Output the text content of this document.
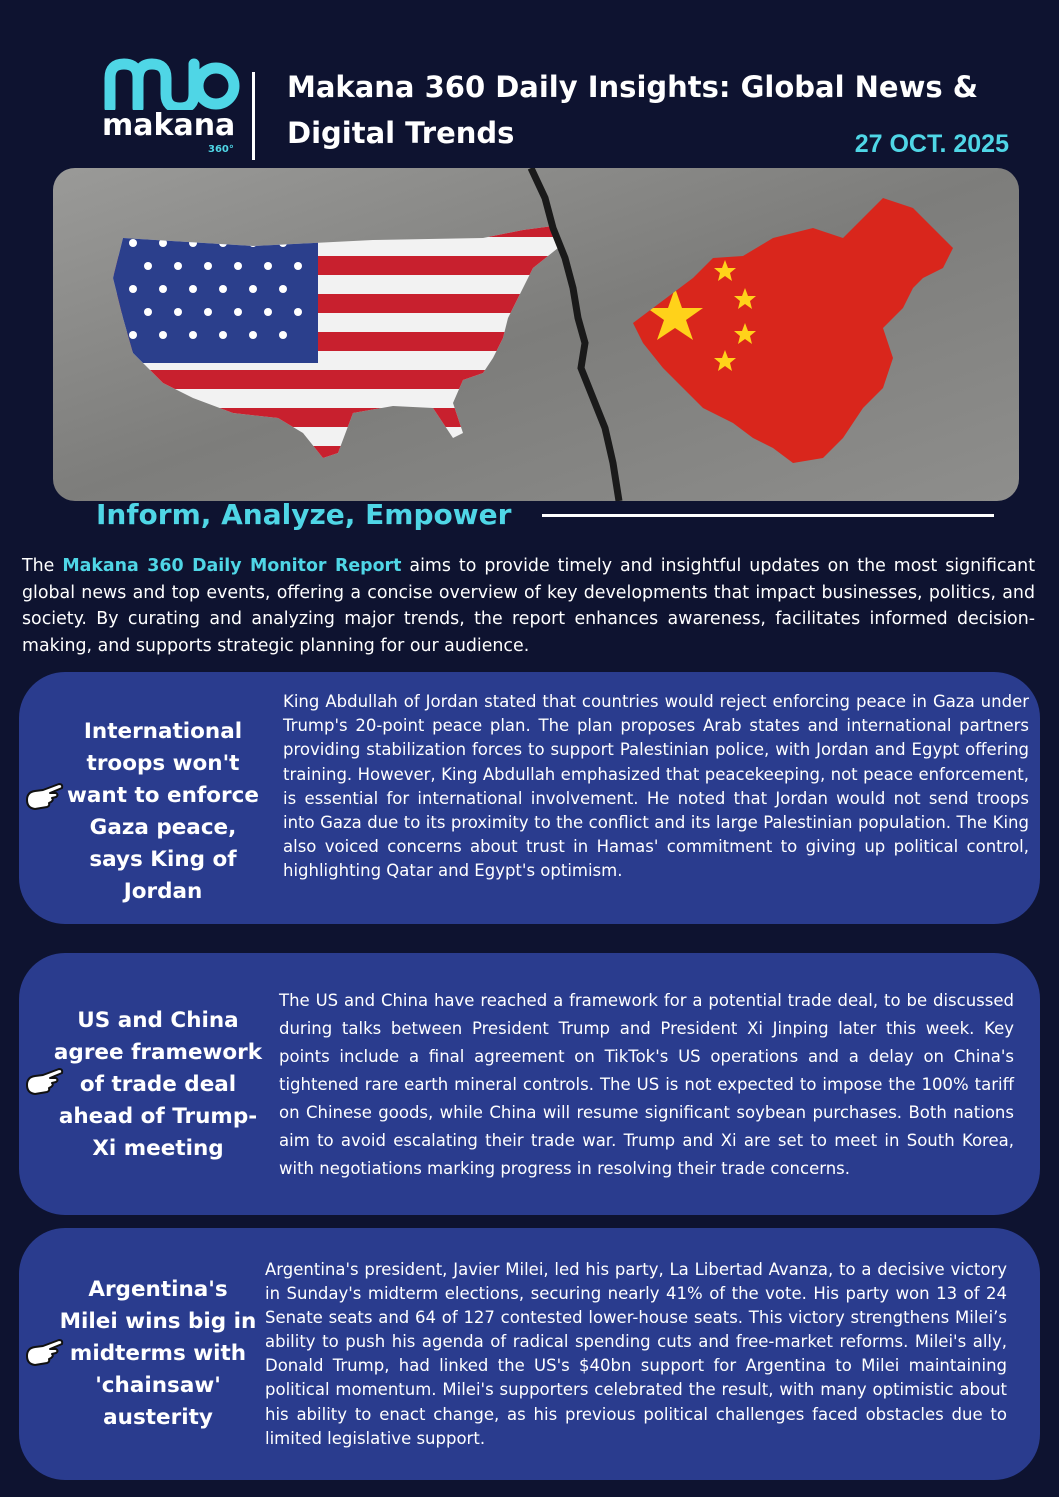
makana
360°
Makana 360 Daily Insights: Global News & Digital Trends	27 OCT. 2025
Inform, Analyze, Empower

The Makana 360 Daily Monitor Report aims to provide timely and insightful updates on the most significant global news and top events, offering a concise overview of key developments that impact businesses, politics, and society. By curating and analyzing major trends, the report enhances awareness, facilitates informed decision-making, and supports strategic planning for our audience.

International troops won't want to enforce Gaza peace, says King of Jordan
King Abdullah of Jordan stated that countries would reject enforcing peace in Gaza under Trump's 20-point peace plan. The plan proposes Arab states and international partners providing stabilization forces to support Palestinian police, with Jordan and Egypt offering training. However, King Abdullah emphasized that peacekeeping, not peace enforcement, is essential for international involvement. He noted that Jordan would not send troops into Gaza due to its proximity to the conflict and its large Palestinian population. The King also voiced concerns about trust in Hamas' commitment to giving up political control, highlighting Qatar and Egypt's optimism.
US and China agree framework of trade deal ahead of Trump-Xi meeting
The US and China have reached a framework for a potential trade deal, to be discussed during talks between President Trump and President Xi Jinping later this week. Key points include a final agreement on TikTok's US operations and a delay on China's tightened rare earth mineral controls. The US is not expected to impose the 100% tariff on Chinese goods, while China will resume significant soybean purchases. Both nations aim to avoid escalating their trade war. Trump and Xi are set to meet in South Korea, with negotiations marking progress in resolving their trade concerns.
Argentina's Milei wins big in midterms with 'chainsaw' austerity
Argentina's president, Javier Milei, led his party, La Libertad Avanza, to a decisive victory in Sunday's midterm elections, securing nearly 41% of the vote. His party won 13 of 24 Senate seats and 64 of 127 contested lower-house seats. This victory strengthens Milei’s ability to push his agenda of radical spending cuts and free-market reforms. Milei's ally, Donald Trump, had linked the US's $40bn support for Argentina to Milei maintaining political momentum. Milei's supporters celebrated the result, with many optimistic about his ability to enact change, as his previous political challenges faced obstacles due to limited legislative support.
